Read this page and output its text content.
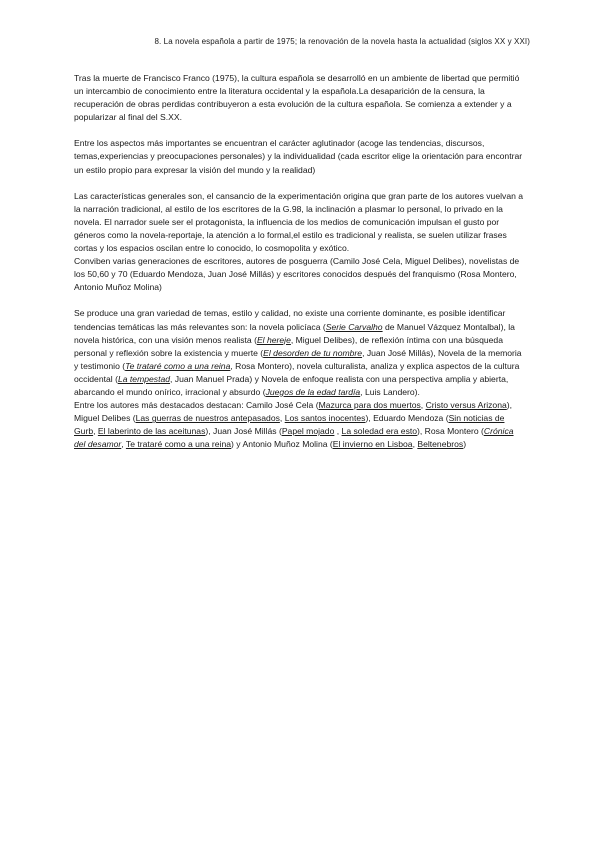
8. La novela española a partir de 1975; la renovación de la novela hasta la actualidad (siglos XX y XXI)

Tras la muerte de Francisco Franco (1975), la cultura española se desarrolló en un ambiente de libertad que permitió un intercambio de conocimiento entre la literatura occidental y la española.La desaparición de la censura, la recuperación de obras perdidas contribuyeron a esta evolución de la cultura española. Se comienza a extender y a popularizar al final del S.XX.

Entre los aspectos más importantes se encuentran el carácter aglutinador (acoge las tendencias, discursos, temas,experiencias y preocupaciones personales) y la individualidad (cada escritor elige la orientación para encontrar un estilo propio para expresar la visión del mundo y la realidad)

Las características generales son, el cansancio de la experimentación origina que gran parte de los autores vuelvan a la narración tradicional, al estilo de los escritores de la G.98, la inclinación a plasmar lo personal, lo privado en la novela. El narrador suele ser el protagonista, la influencia de los medios de comunicación impulsan el gusto por géneros como la novela-reportaje, la atención a lo formal,el estilo es tradicional y realista, se suelen utilizar frases cortas y los espacios oscilan entre lo conocido, lo cosmopolita y exótico.

Conviben varias generaciones de escritores, autores de posguerra (Camilo José Cela, Miguel Delibes), novelistas de los 50,60 y 70 (Eduardo Mendoza, Juan José Millás) y escritores conocidos después del franquismo (Rosa Montero, Antonio Muñoz Molina)

Se produce una gran variedad de temas, estilo y calidad, no existe una corriente dominante, es posible identificar tendencias temáticas las más relevantes son: la novela policíaca (Serie Carvalho de Manuel Vázquez Montalbal), la novela histórica, con una visión menos realista (El hereje, Miguel Delibes), de reflexión íntima con una búsqueda personal y reflexión sobre la existencia y muerte (El desorden de tu nombre, Juan José Millás), Novela de la memoria y testimonio (Te trataré como a una reina, Rosa Montero), novela culturalista, analiza y explica aspectos de la cultura occidental (La tempestad, Juan Manuel Prada) y Novela de enfoque realista con una perspectiva amplia y abierta, abarcando el mundo onírico, irracional y absurdo (Juegos de la edad tardía, Luis Landero).

Entre los autores más destacados destacan: Camilo José Cela (Mazurca para dos muertos, Cristo versus Arizona), Miguel Delibes (Las guerras de nuestros antepasados, Los santos inocentes), Eduardo Mendoza (Sin noticias de Gurb, El laberinto de las aceitunas), Juan José Millás (Papel mojado , La soledad era esto), Rosa Montero (Crónica del desamor, Te trataré como a una reina) y Antonio Muñoz Molina (El invierno en Lisboa, Beltenebros)
